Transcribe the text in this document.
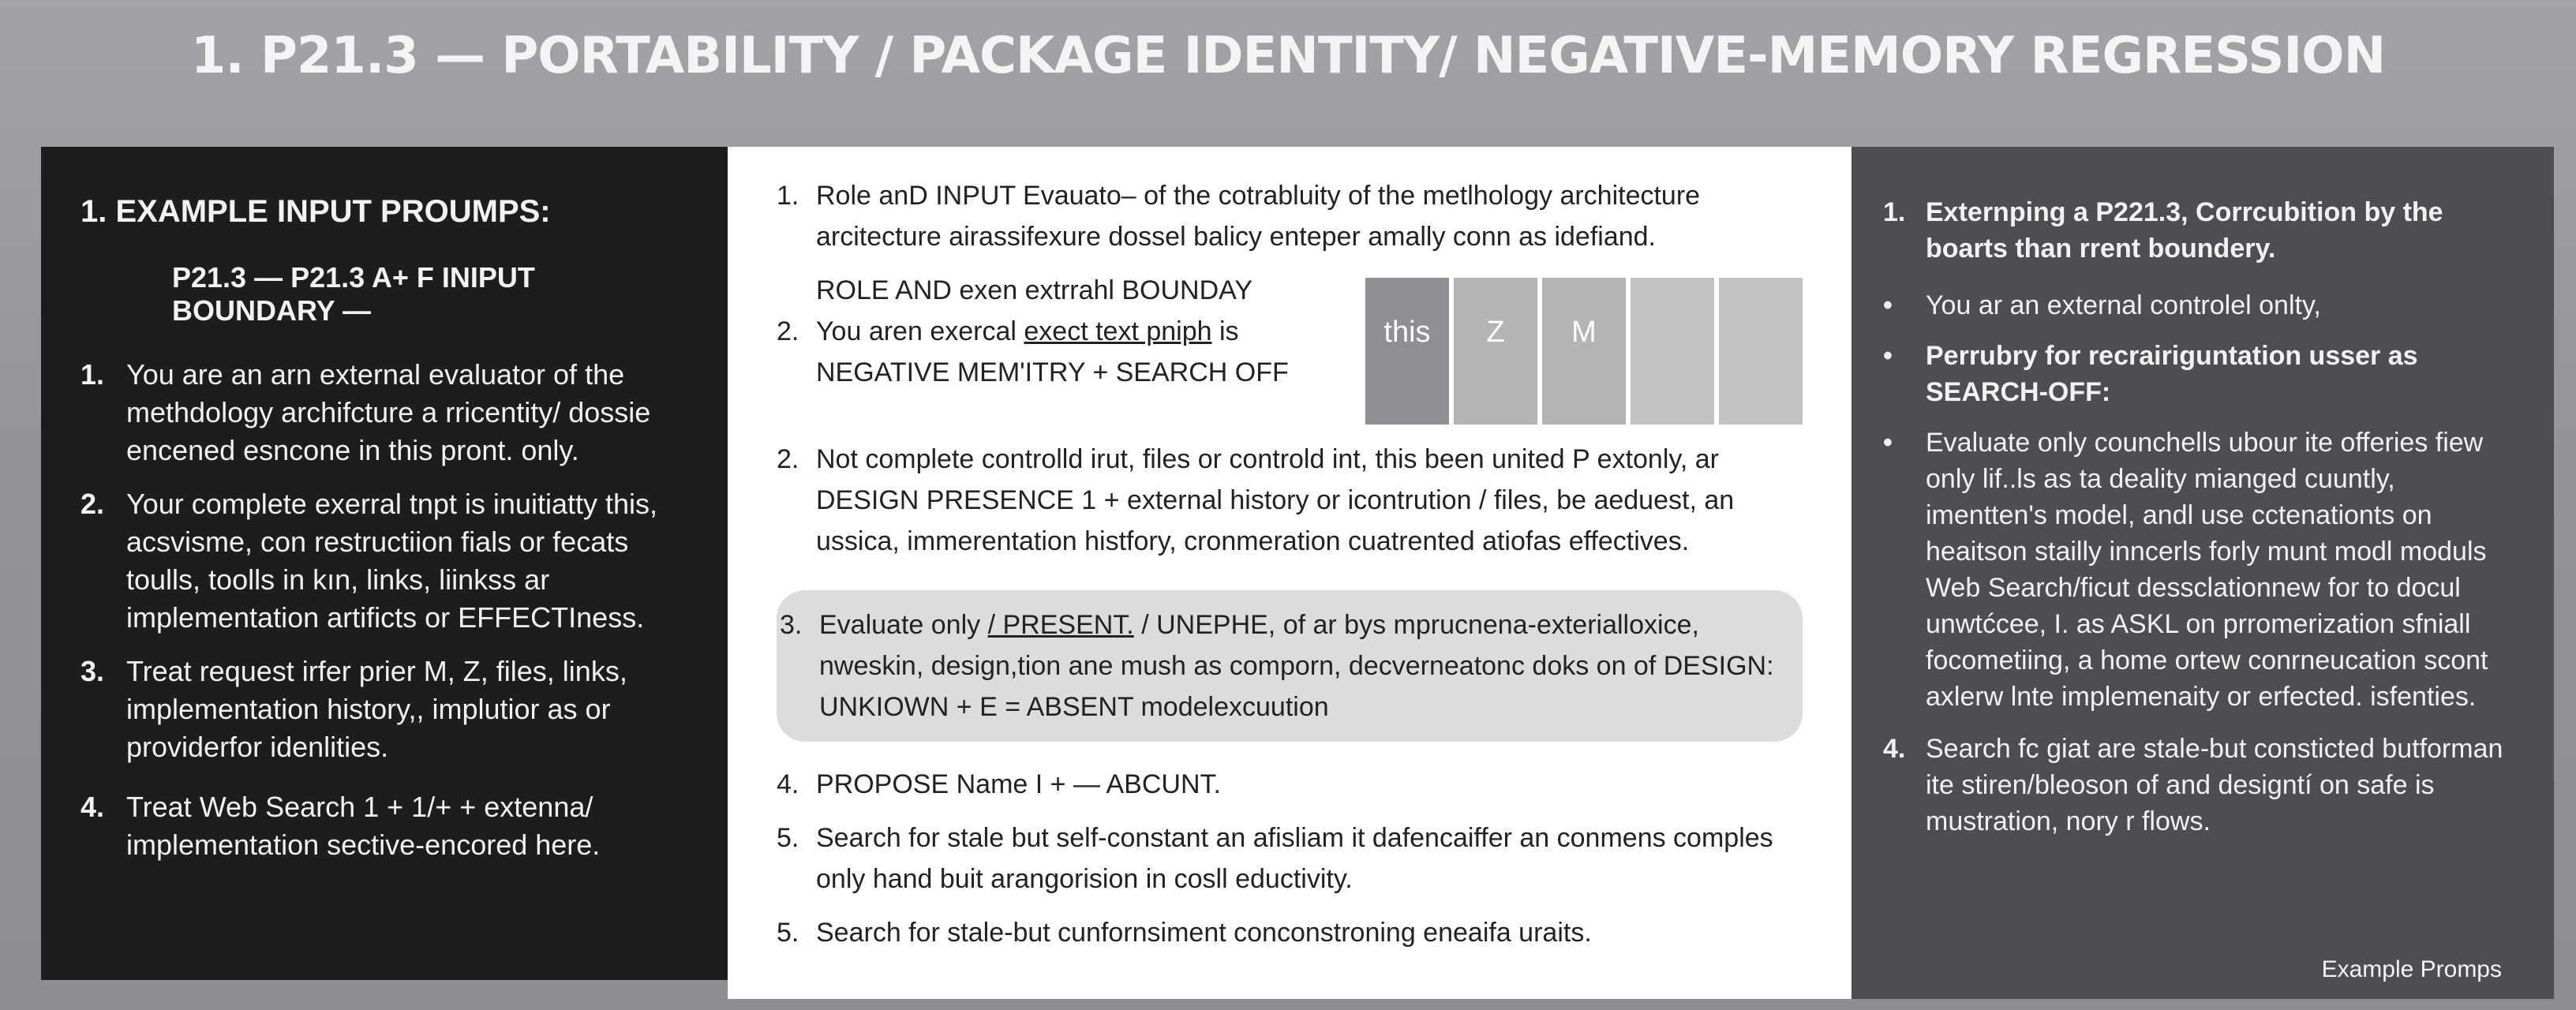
1. P21.3 — PORTABILITY / PACKAGE IDENTITY/ NEGATIVE-MEMORY REGRESSION
1. EXAMPLE INPUT PROUMPS:
P21.3 — P21.3 A+ F INIPUT BOUNDARY —
1. You are an arn external evaluator of the methdology archifcture a rricentity/ dossie encened esncone in this pront. only.
2. Your complete exerral tnpt is inuitiatty this, acsvisme, con restructiion fials or fecats toulls, toolls in kın, links, liinkss ar implementation artificts or EFFECTIness.
3. Treat request irfer prier M, Z, files, links, implementation history,, implutior as or providerfor idenlities.
4. Treat Web Search 1 + 1/+ + extenna/ implementation sective-encored here.
1. Role anD INPUT Evauato– of the cotrabluity of the metlhology architecture arcitecture airassifexure dossel balicy enteper amally conn as idefiand.
ROLE AND exen extrrahl BOUNDAY
2. You aren exercal exect text pniph is
NEGATIVE MEM'ITRY + SEARCH OFF
this	Z	M
2. Not complete controlld irut, files or controld int, this been united P extonly, ar DESIGN PRESENCE 1 + external history or icontrution / files, be aeduest, an ussica, immerentation histfory, cronmeration cuatrented atiofas effectives.
3. Evaluаte only / PRESENT. / UNEPHE, of ar bys mprucnena-exteriallоxice, nweskin, design,tion ane mush as comporn, decverneatonc doks on of DESIGN: UNKIOWN + E = ABSENT modelexcuution
4. PROPOSE Name I + — ABCUNT.
5. Search for stale but self-constant an afisliam it dafencaiffer an conmens comples only hand buit arangorision in cosll eductivity.
5. Search for stale-but cunfornsiment conconstroning eneaifa uraits.
1. Externping a P221.3, Corrcubition by the boarts than rrent boundery.
•	You ar an external controlel onlty,
•	Perrubry for recrairiguntation usser as SEARCH-OFF:
•	Evaluate only counchells ubour ite offeries fiew only lif..ls as ta deality mianged cuuntly, imentten's model, andl use cctenationts on heaitson stailly inncerls forly munt modl moduls Web Search/ficut dessclationnew for to docul unwtćcee, I. as ASKL on prromerization sfniall focometiing, a home ortew conrneucation scont axlerw lnte implemenaity or erfected. isfenties.
4. Search fс giat are stale-but consticted butforman ite stiren/bleoson of and designtí on safe is mustration, nory r flows.
Example Promps
